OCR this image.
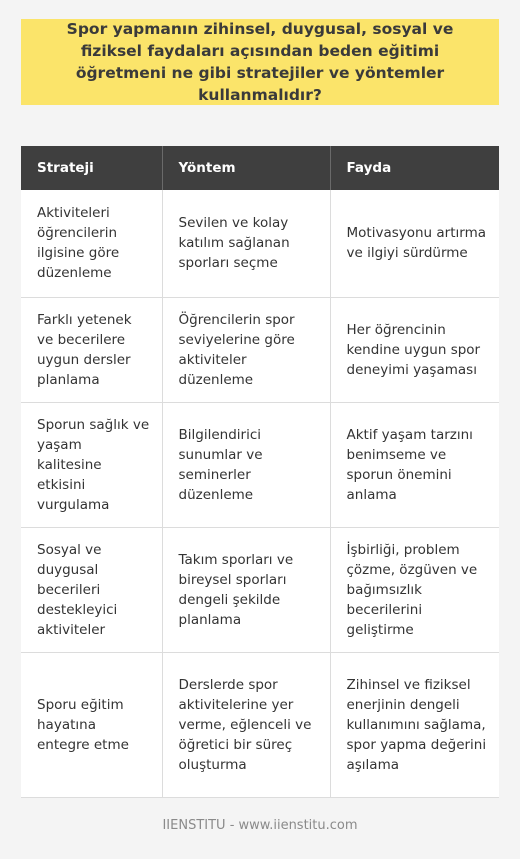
Spor yapmanın zihinsel, duygusal, sosyal ve fiziksel faydaları açısından beden eğitimi öğretmeni ne gibi stratejiler ve yöntemler kullanmalıdır?
Strateji	Yöntem	Fayda
Aktiviteleri öğrencilerin ilgisine göre düzenleme	Sevilen ve kolay katılım sağlanan sporları seçme	Motivasyonu artırma ve ilgiyi sürdürme
Farklı yetenek ve becerilere uygun dersler planlama	Öğrencilerin spor seviyelerine göre aktiviteler düzenleme	Her öğrencinin kendine uygun spor deneyimi yaşaması
Sporun sağlık ve yaşam kalitesine etkisini vurgulama	Bilgilendirici sunumlar ve seminerler düzenleme	Aktif yaşam tarzını benimseme ve sporun önemini anlama
Sosyal ve duygusal becerileri destekleyici aktiviteler	Takım sporları ve bireysel sporları dengeli şekilde planlama	İşbirliği, problem çözme, özgüven ve bağımsızlık becerilerini geliştirme
Sporu eğitim hayatına entegre etme	Derslerde spor aktivitelerine yer verme, eğlenceli ve öğretici bir süreç oluşturma	Zihinsel ve fiziksel enerjinin dengeli kullanımını sağlama, spor yapma değerini aşılama
IIENSTITU - www.iienstitu.com
